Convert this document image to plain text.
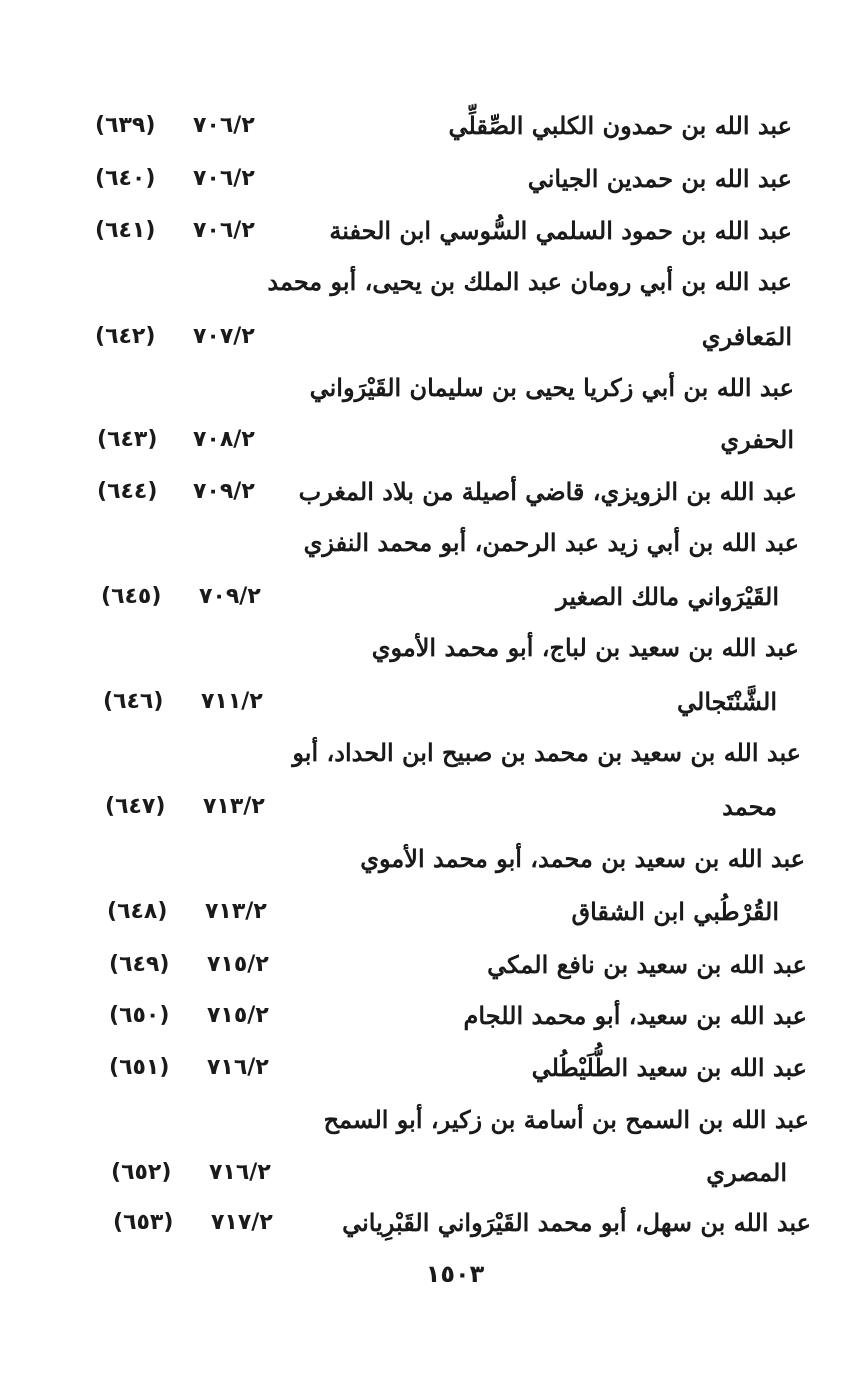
عبد الله بن حمدون الكلبي الصِّقلِّي
٧٠٦/٢
(٦٣٩)
عبد الله بن حمدين الجياني
٧٠٦/٢
(٦٤٠)
عبد الله بن حمود السلمي السُّوسي ابن الحفنة
٧٠٦/٢
(٦٤١)
عبد الله بن أبي رومان عبد الملك بن يحيى، أبو محمد
المَعافري
٧٠٧/٢
(٦٤٢)
عبد الله بن أبي زكريا يحيى بن سليمان القَيْرَواني
الحفري
٧٠٨/٢
(٦٤٣)
عبد الله بن الزويزي، قاضي أصيلة من بلاد المغرب
٧٠٩/٢
(٦٤٤)
عبد الله بن أبي زيد عبد الرحمن، أبو محمد النفزي
القَيْرَواني مالك الصغير
٧٠٩/٢
(٦٤٥)
عبد الله بن سعيد بن لباج، أبو محمد الأموي
الشَّنْتَجالي
٧١١/٢
(٦٤٦)
عبد الله بن سعيد بن محمد بن صبيح ابن الحداد، أبو
محمد
٧١٣/٢
(٦٤٧)
عبد الله بن سعيد بن محمد، أبو محمد الأموي
القُرْطُبي ابن الشقاق
٧١٣/٢
(٦٤٨)
عبد الله بن سعيد بن نافع المكي
٧١٥/٢
(٦٤٩)
عبد الله بن سعيد، أبو محمد اللجام
٧١٥/٢
(٦٥٠)
عبد الله بن سعيد الطُّلَيْطُلي
٧١٦/٢
(٦٥١)
عبد الله بن السمح بن أسامة بن زكير، أبو السمح
المصري
٧١٦/٢
(٦٥٢)
عبد الله بن سهل، أبو محمد القَيْرَواني القَبْرِياني
٧١٧/٢
(٦٥٣)
١٥٠٣
